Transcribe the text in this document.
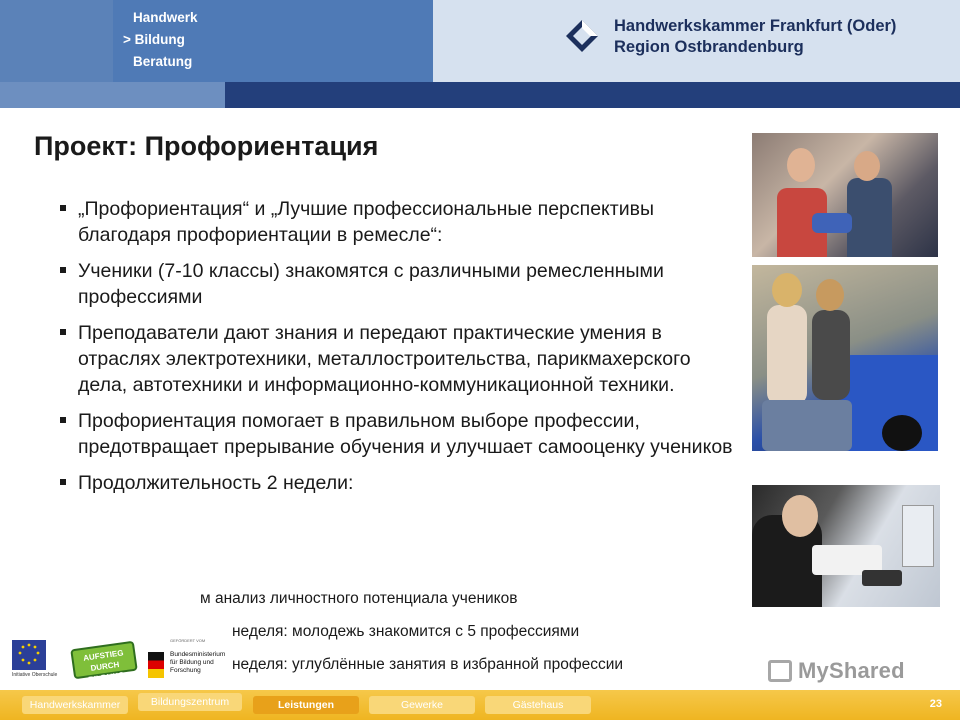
Handwerk
> Bildung
Beratung
Handwerkskammer Frankfurt (Oder)
Region Ostbrandenburg
Проект: Профориентация
„Профориентация“ и „Лучшие профессиональные перспективы благодаря профориентации в ремесле“:
Ученики (7-10 классы) знакомятся с различными ремесленными профессиями
Преподаватели дают знания и передают практические умения в отраслях электротехники, металлостроительства, парикмахерского дела, автотехники и информационно-коммуникационной техники.
Профориентация помогает в правильном выборе профессии, предотвращает прерывание обучения и улучшает самооценку учеников
Продолжительность 2 недели:
м анализ личностного потенциала учеников
неделя: молодежь знакомится с 5 профессиями
неделя: углублённые занятия в избранной профессии
Initiative Oberschule
AUFSTIEG DURCH BILDUNG
GEFÖRDERT VOM
Bundesministerium für Bildung und Forschung	MyShared
Handwerkskammer	Bildungszentrum	Leistungen	Gewerke	Gästehaus	23
